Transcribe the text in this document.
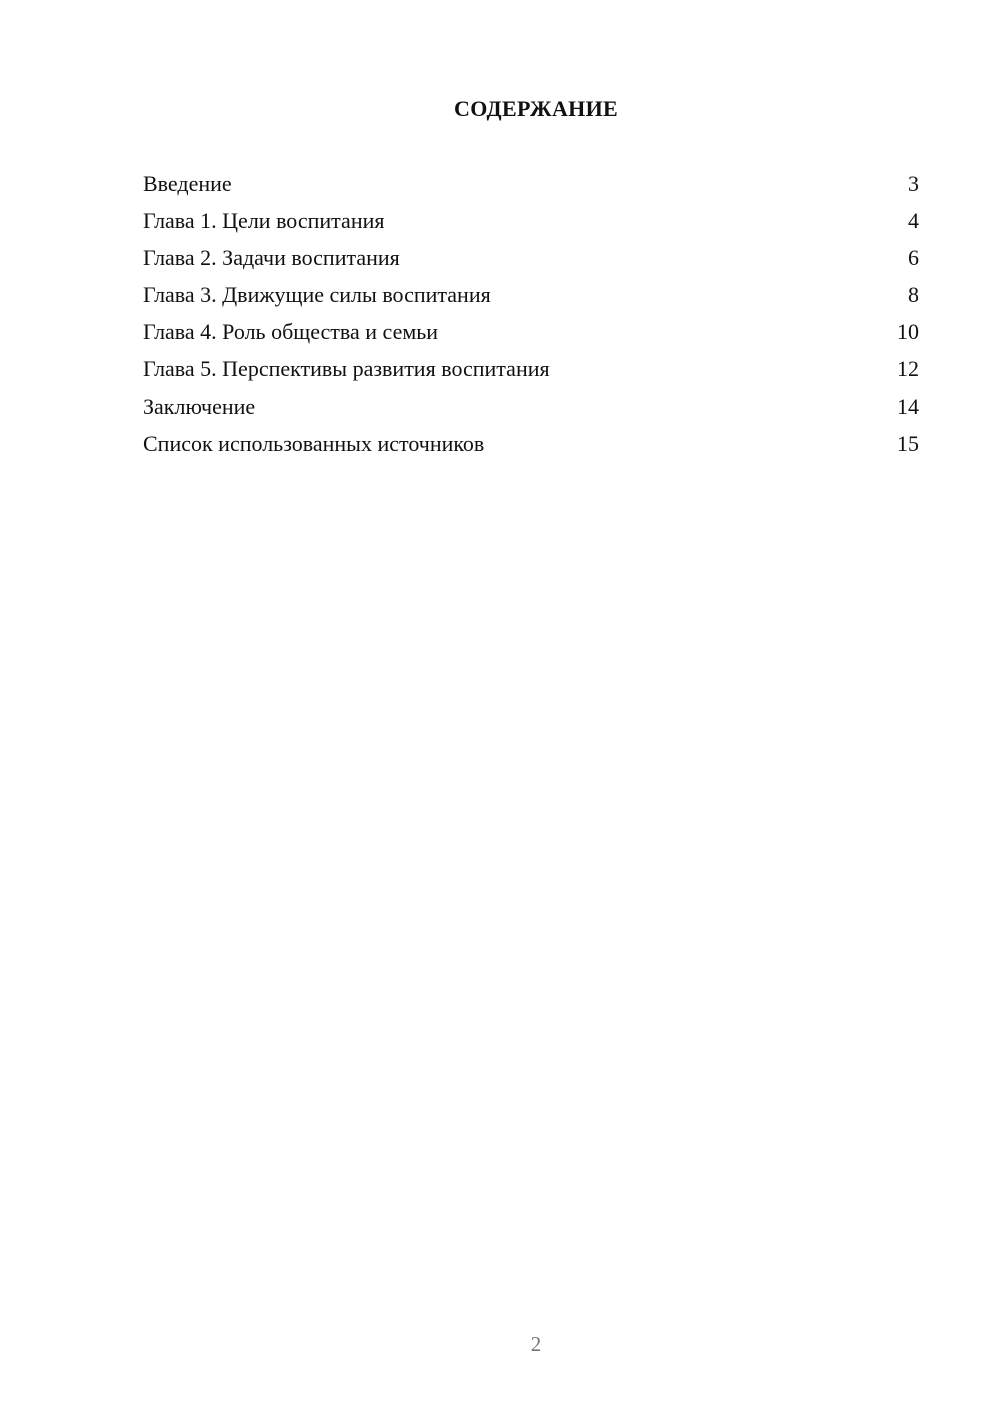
СОДЕРЖАНИЕ
Введение	3
Глава 1. Цели воспитания	4
Глава 2. Задачи воспитания	6
Глава 3. Движущие силы воспитания	8
Глава 4. Роль общества и семьи	10
Глава 5. Перспективы развития воспитания	12
Заключение	14
Список использованных источников	15
2
